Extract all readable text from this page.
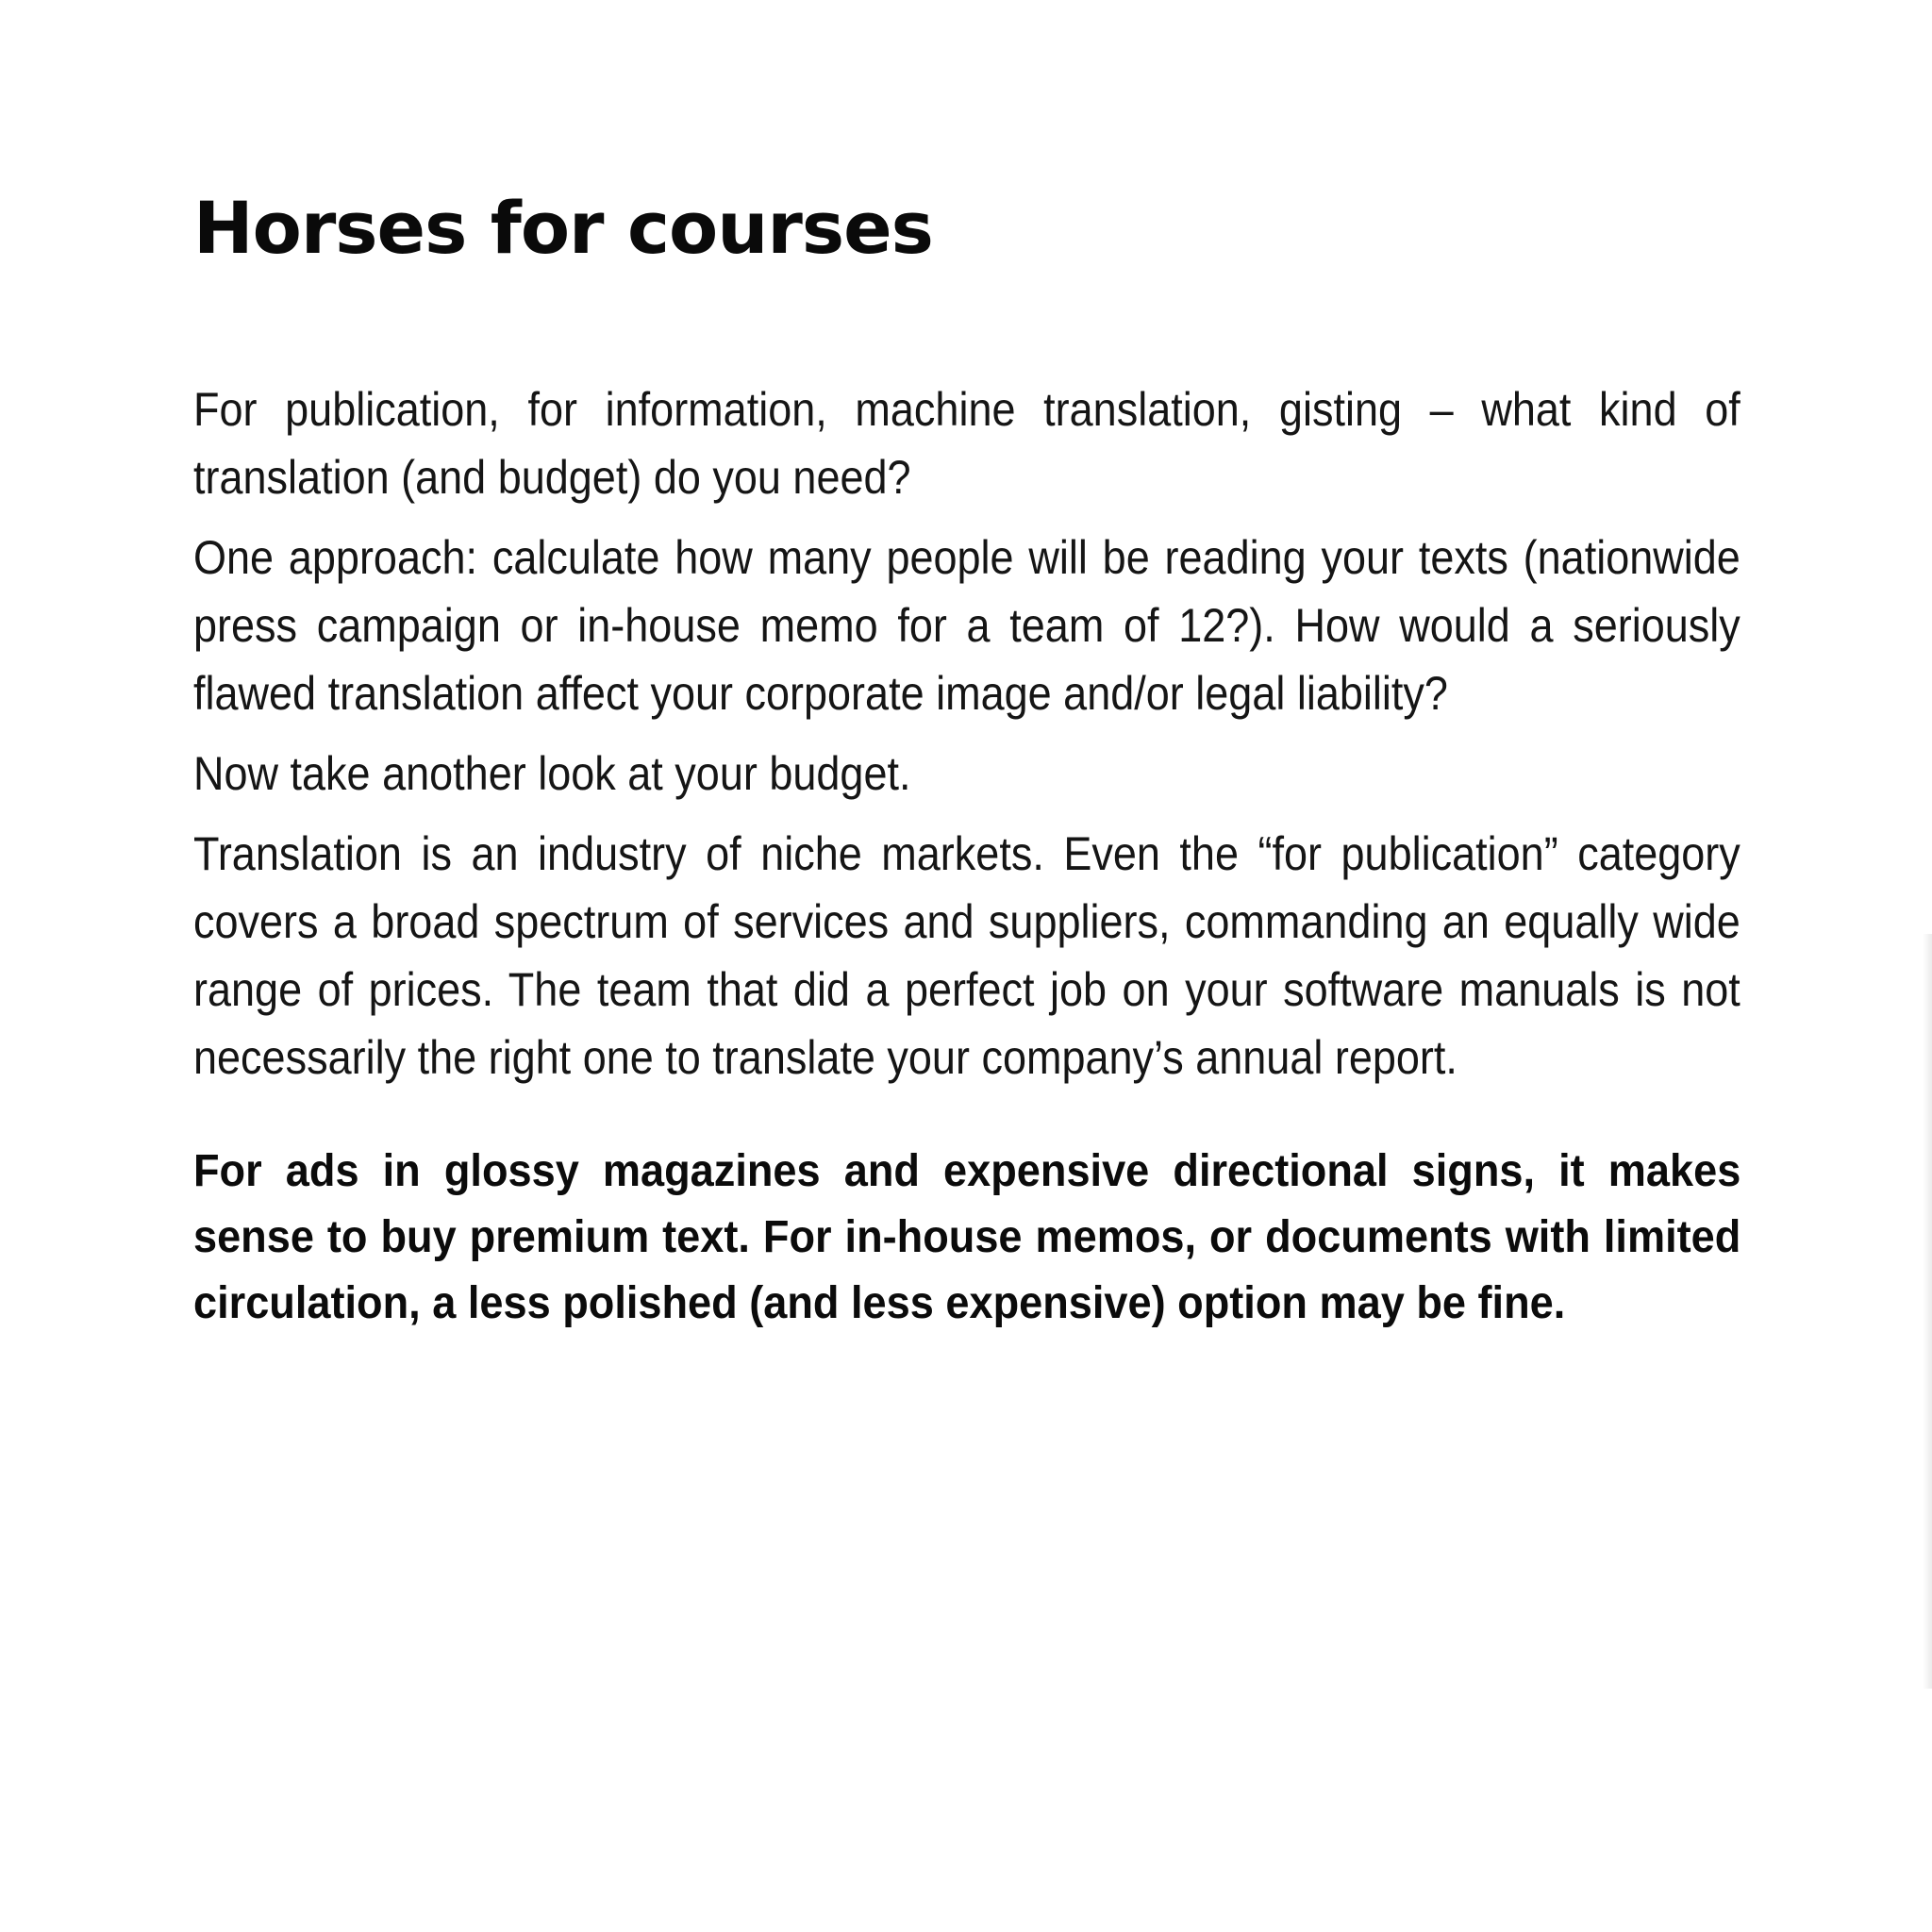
Horses for courses

For publication, for information, machine translation, gisting – what kind of translation (and budget) do you need?

One approach: calculate how many people will be reading your texts (nationwide press campaign or in-house memo for a team of 12?). How would a seriously flawed translation affect your corporate image and/or legal liability?

Now take another look at your budget.

Translation is an industry of niche markets. Even the “for publication” category covers a broad spectrum of services and suppliers, commanding an equally wide range of prices. The team that did a perfect job on your software manuals is not necessarily the right one to translate your company’s annual report.

For ads in glossy magazines and expensive directional signs, it makes sense to buy premium text. For in-house memos, or documents with limited circulation, a less polished (and less expensive) option may be fine.
